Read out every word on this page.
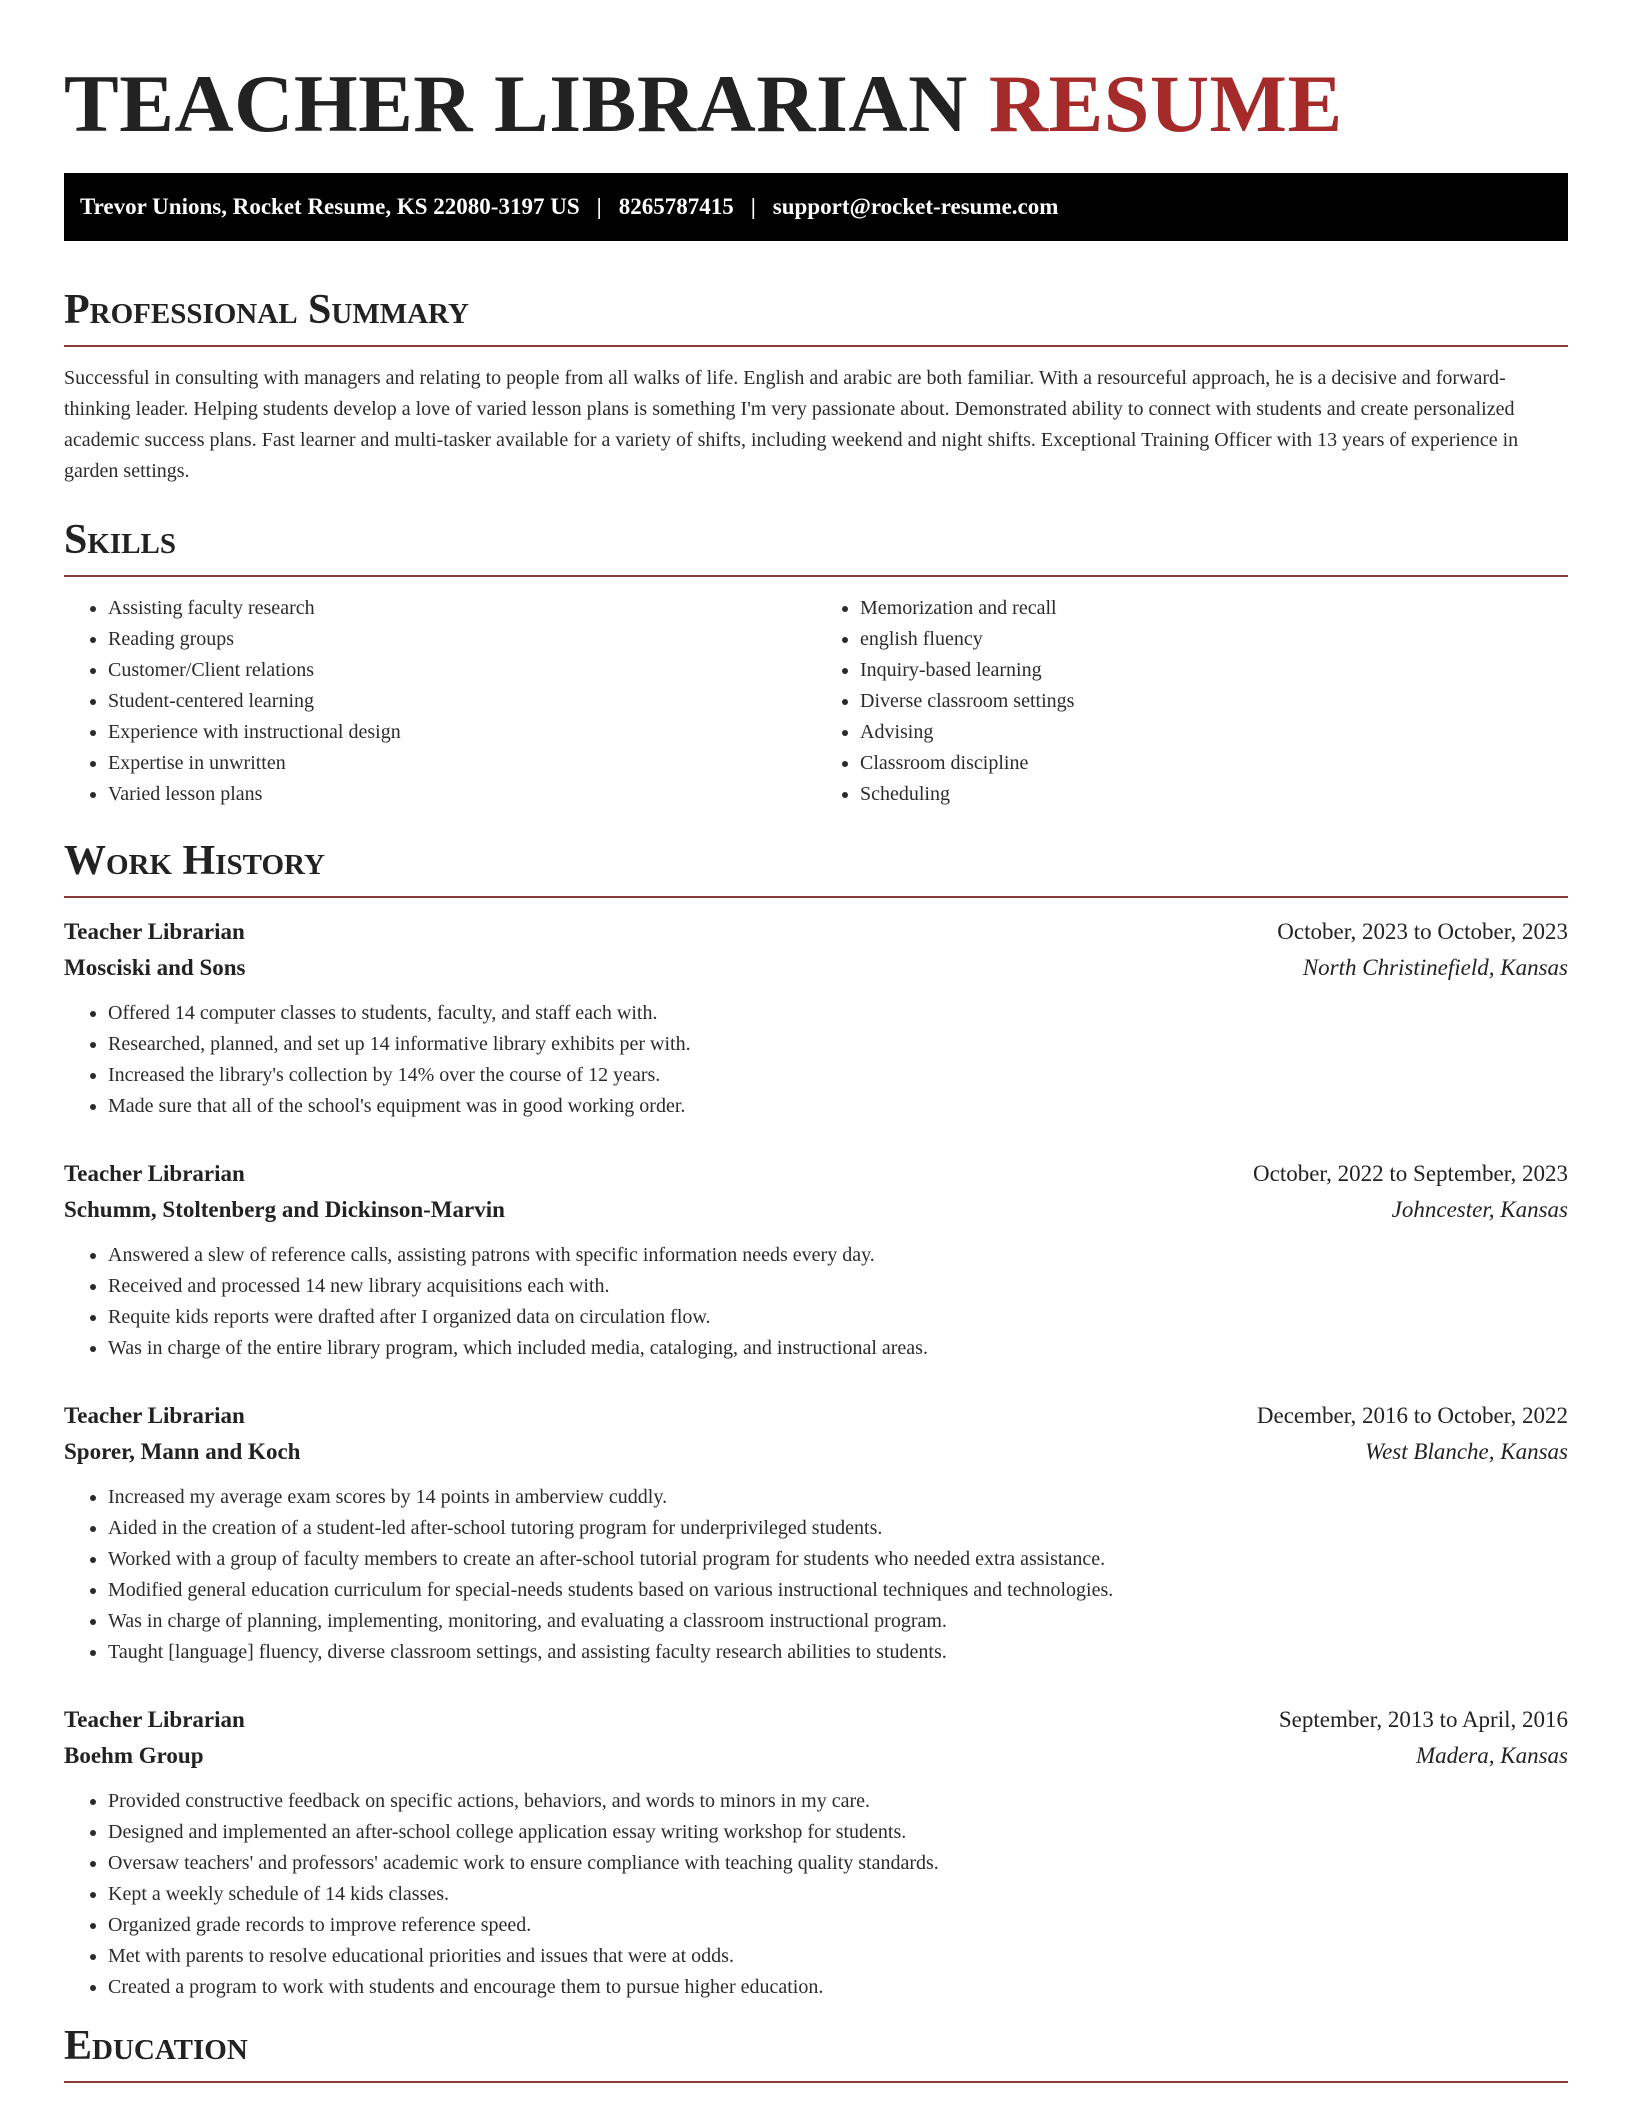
TEACHER LIBRARIAN RESUME
Trevor Unions, Rocket Resume, KS 22080-3197 US | 8265787415 | support@rocket-resume.com
Professional Summary

Successful in consulting with managers and relating to people from all walks of life. English and arabic are both familiar. With a resourceful approach, he is a decisive and forward-thinking leader. Helping students develop a love of varied lesson plans is something I'm very passionate about. Demonstrated ability to connect with students and create personalized academic success plans. Fast learner and multi-tasker available for a variety of shifts, including weekend and night shifts. Exceptional Training Officer with 13 years of experience in garden settings.

Skills
• Assisting faculty research
• Reading groups
• Customer/Client relations
• Student-centered learning
• Experience with instructional design
• Expertise in unwritten
• Varied lesson plans
• Memorization and recall
• english fluency
• Inquiry-based learning
• Diverse classroom settings
• Advising
• Classroom discipline
• Scheduling
Work History
Teacher Librarian	October, 2023 to October, 2023
Mosciski and Sons	North Christinefield, Kansas
• Offered 14 computer classes to students, faculty, and staff each with.
• Researched, planned, and set up 14 informative library exhibits per with.
• Increased the library's collection by 14% over the course of 12 years.
• Made sure that all of the school's equipment was in good working order.
Teacher Librarian	October, 2022 to September, 2023
Schumm, Stoltenberg and Dickinson-Marvin	Johncester, Kansas
• Answered a slew of reference calls, assisting patrons with specific information needs every day.
• Received and processed 14 new library acquisitions each with.
• Requite kids reports were drafted after I organized data on circulation flow.
• Was in charge of the entire library program, which included media, cataloging, and instructional areas.
Teacher Librarian	December, 2016 to October, 2022
Sporer, Mann and Koch	West Blanche, Kansas
• Increased my average exam scores by 14 points in amberview cuddly.
• Aided in the creation of a student-led after-school tutoring program for underprivileged students.
• Worked with a group of faculty members to create an after-school tutorial program for students who needed extra assistance.
• Modified general education curriculum for special-needs students based on various instructional techniques and technologies.
• Was in charge of planning, implementing, monitoring, and evaluating a classroom instructional program.
• Taught [language] fluency, diverse classroom settings, and assisting faculty research abilities to students.
Teacher Librarian	September, 2013 to April, 2016
Boehm Group	Madera, Kansas
• Provided constructive feedback on specific actions, behaviors, and words to minors in my care.
• Designed and implemented an after-school college application essay writing workshop for students.
• Oversaw teachers' and professors' academic work to ensure compliance with teaching quality standards.
• Kept a weekly schedule of 14 kids classes.
• Organized grade records to improve reference speed.
• Met with parents to resolve educational priorities and issues that were at odds.
• Created a program to work with students and encourage them to pursue higher education.
Education
